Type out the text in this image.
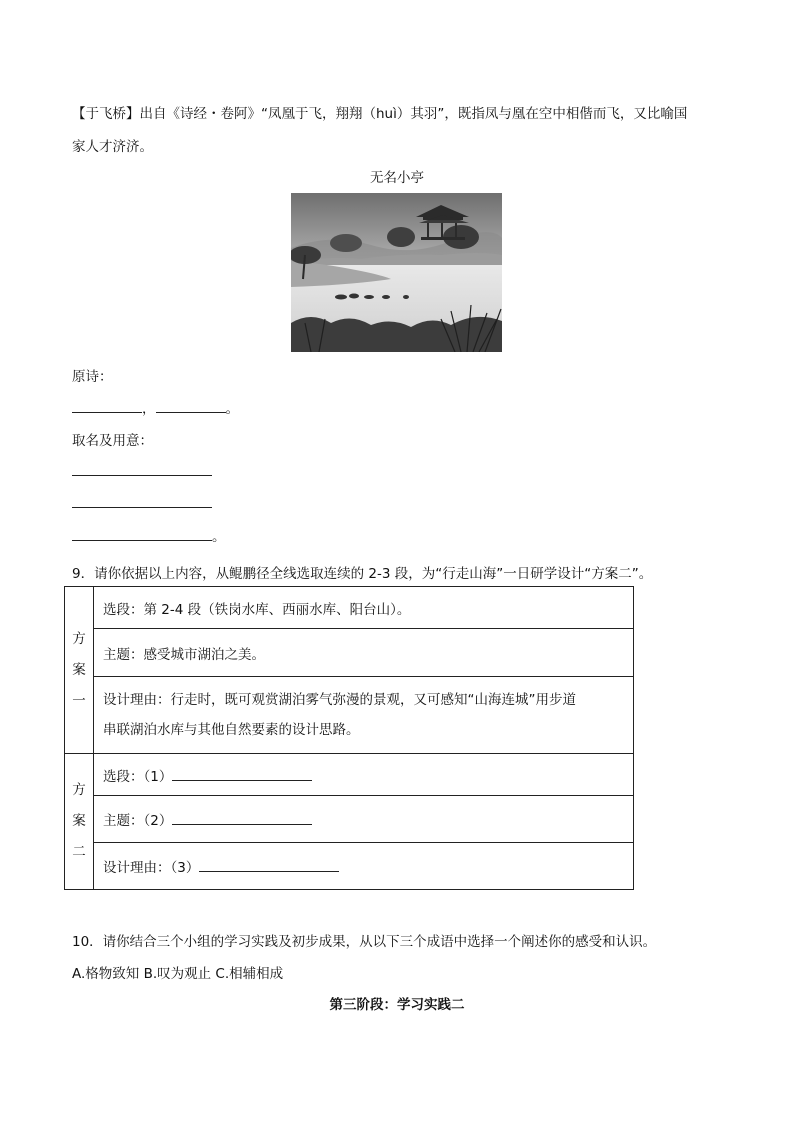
【于飞桥】出自《诗经・卷阿》“凤凰于飞，翔翔（huì）其羽”，既指凤与凰在空中相偕而飞，又比喻国
家人才济济。
无名小亭
原诗：
，	。
取名及用意：
。
9．请你依据以上内容，从鲲鹏径全线选取连续的 2-3 段，为“行走山海”一日研学设计“方案二”。
方
案
一	选段：第 2-4 段（铁岗水库、西丽水库、阳台山）。
	主题：感受城市湖泊之美。

	设计理由：行走时，既可观赏湖泊雾气弥漫的景观，又可感知“山海连城”用步道
串联湖泊水库与其他自然要素的设计思路。

方
案
二	选段：（1）
	主题：（2）
	设计理由：（3）
10．请你结合三个小组的学习实践及初步成果，从以下三个成语中选择一个阐述你的感受和认识。
A.格物致知 B.叹为观止 C.相辅相成
第三阶段：学习实践二
